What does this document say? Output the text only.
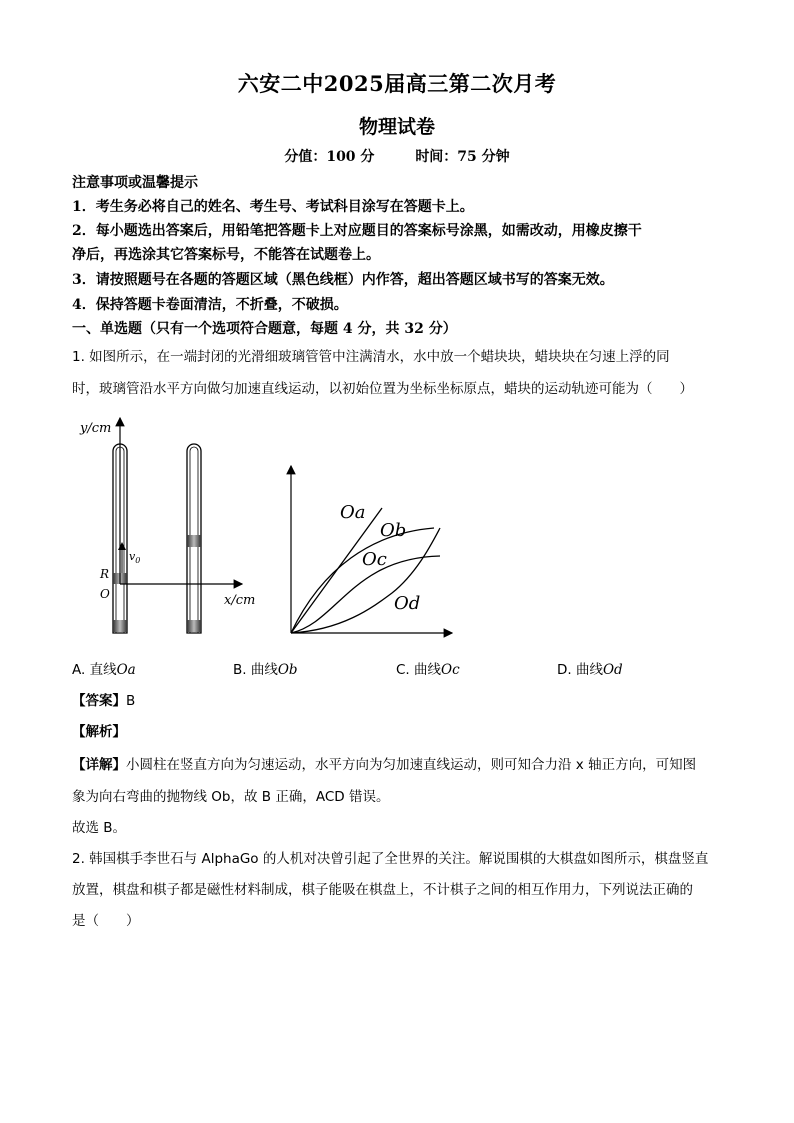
六安二中2025届高三第二次月考
物理试卷
分值：100 分	时间：75 分钟
注意事项或温馨提示
1．考生务必将自己的姓名、考生号、考试科目涂写在答题卡上。
2．每小题选出答案后，用铅笔把答题卡上对应题目的答案标号涂黑，如需改动，用橡皮擦干
净后，再选涂其它答案标号，不能答在试题卷上。
3．请按照题号在各题的答题区域（黑色线框）内作答，超出答题区域书写的答案无效。
4．保持答题卡卷面清洁，不折叠，不破损。
一、单选题（只有一个选项符合题意，每题 4 分，共 32 分）
1. 如图所示，在一端封闭的光滑细玻璃管管中注满清水，水中放一个蜡块块，蜡块块在匀速上浮的同
时，玻璃管沿水平方向做匀加速直线运动，以初始位置为坐标坐标原点，蜡块的运动轨迹可能为（　　）
y/cm
$v_0$
R
O	x/cm
Oa
Ob
Oc
Od
A. 直线Oa	B. 曲线Ob	C. 曲线Oc	D. 曲线Od
【答案】B
【解析】
【详解】小圆柱在竖直方向为匀速运动，水平方向为匀加速直线运动，则可知合力沿 x 轴正方向，可知图
象为向右弯曲的抛物线 Ob，故 B 正确，ACD 错误。
故选 B。
2. 韩国棋手李世石与 AlphaGo 的人机对决曾引起了全世界的关注。解说围棋的大棋盘如图所示，棋盘竖直
放置，棋盘和棋子都是磁性材料制成，棋子能吸在棋盘上，不计棋子之间的相互作用力，下列说法正确的
是（　　）
